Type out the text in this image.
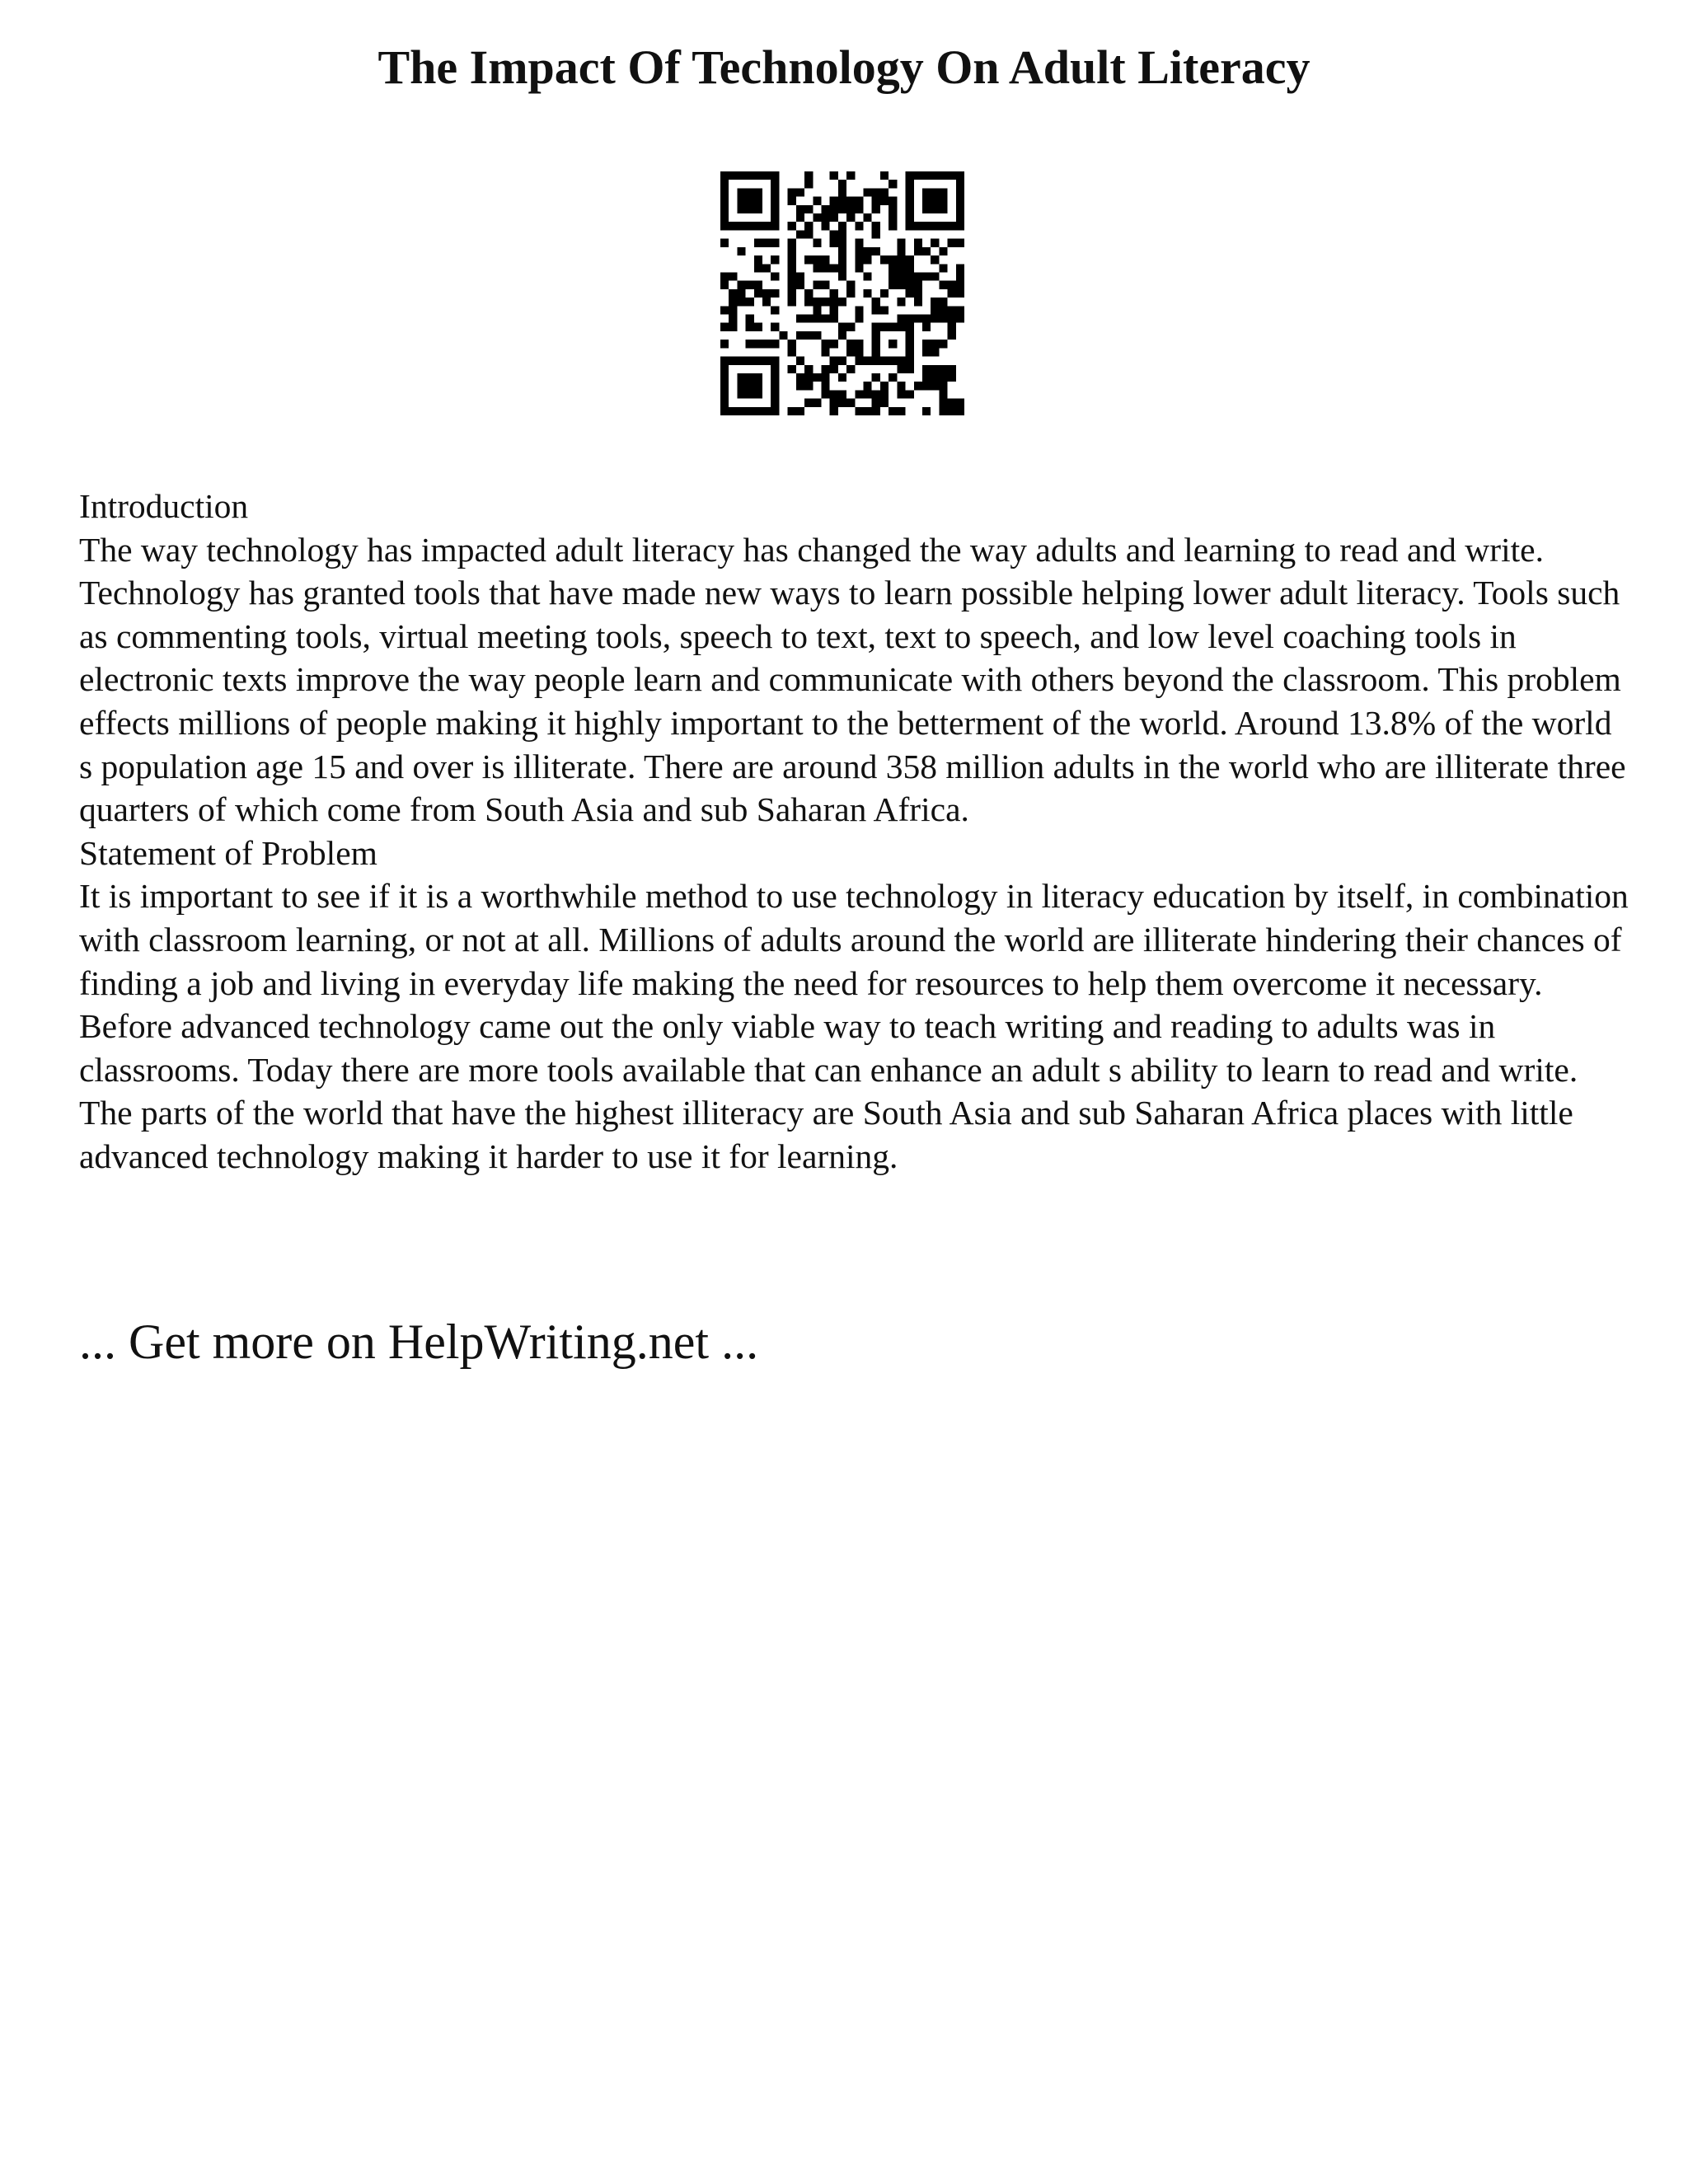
The Impact Of Technology On Adult Literacy

Introduction

The way technology has impacted adult literacy has changed the way adults and learning to read and write. Technology has granted tools that have made new ways to learn possible helping lower adult literacy. Tools such as commenting tools, virtual meeting tools, speech to text, text to speech, and low level coaching tools in electronic texts improve the way people learn and communicate with others beyond the classroom. This problem effects millions of people making it highly important to the betterment of the world. Around 13.8% of the world s population age 15 and over is illiterate. There are around 358 million adults in the world who are illiterate three quarters of which come from South Asia and sub Saharan Africa.

Statement of Problem

It is important to see if it is a worthwhile method to use technology in literacy education by itself, in combination with classroom learning, or not at all. Millions of adults around the world are illiterate hindering their chances of finding a job and living in everyday life making the need for resources to help them overcome it necessary. Before advanced technology came out the only viable way to teach writing and reading to adults was in classrooms. Today there are more tools available that can enhance an adult s ability to learn to read and write. The parts of the world that have the highest illiteracy are South Asia and sub Saharan Africa places with little advanced technology making it harder to use it for learning.

... Get more on HelpWriting.net ...
